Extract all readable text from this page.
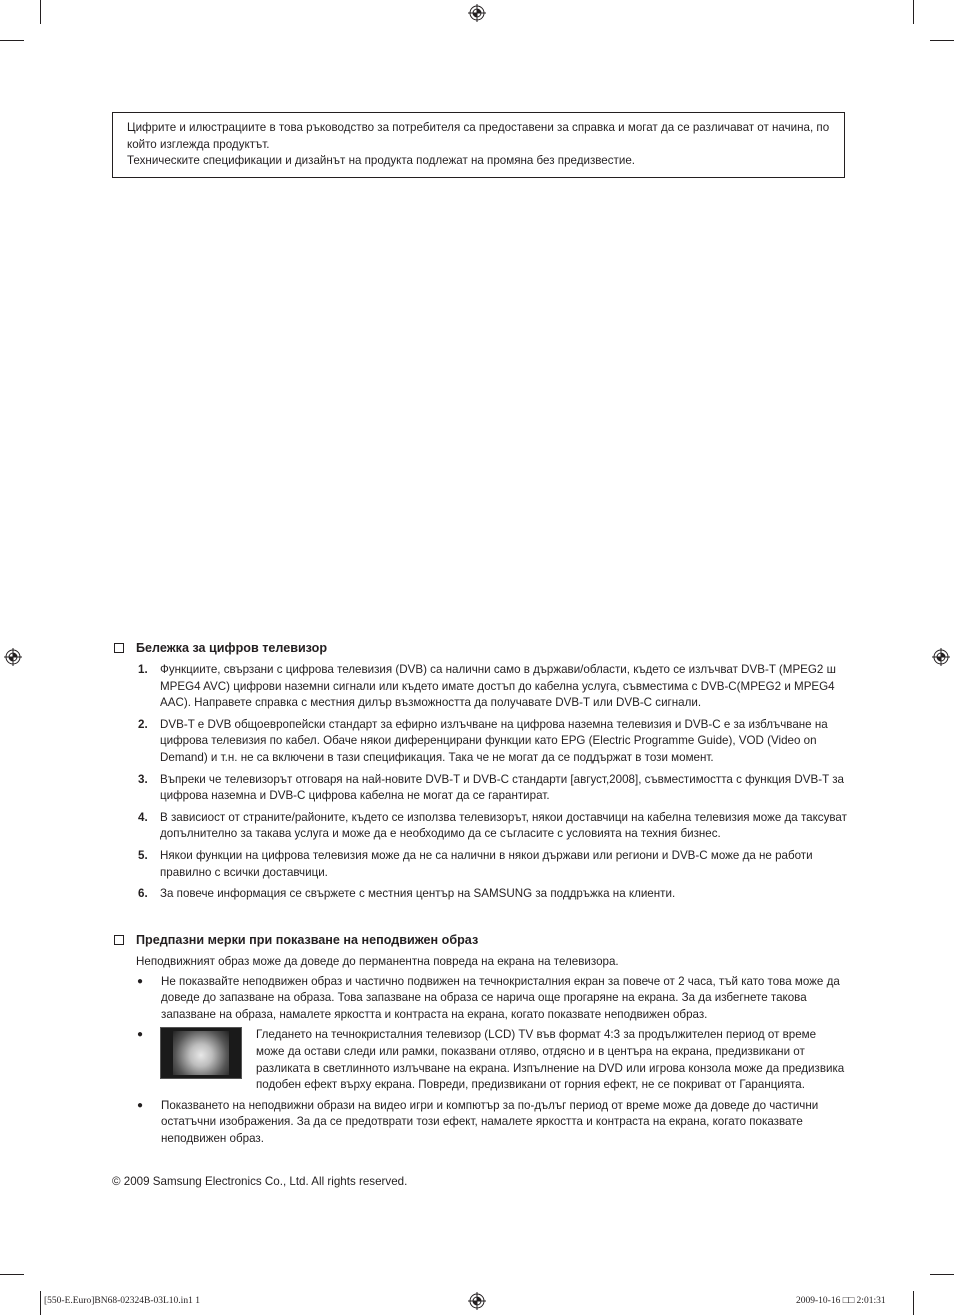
Цифрите и илюстрациите в това ръководство за потребителя са предоставени за справка и могат да се различават от начина, по който изглежда продуктът.

Техническите спецификации и дизайнът на продукта подлежат на промяна без предизвестие.

Бележка за цифров телевизор
1.	Функциите, свързани с цифрова телевизия (DVB) са налични само в държави/области, където се излъчват DVB-T (MPEG2 ш MPEG4 AVC) цифрови наземни сигнали или където имате достъп до кабелна услуга, съвместима с DVB-C(MPEG2 и MPEG4 AAC). Направете справка с местния дилър възможността да получавате DVB-T или DVB-C сигнали.
2.	DVB-T е DVB общоевропейски стандарт за ефирно излъчване на цифрова наземна телевизия и DVB-C е за изблъчване на цифрова телевизия по кабел. Обаче някои диференцирани функции като EPG (Electric Programme Guide), VOD (Video on Demand) и т.н. не са включени в тази спецификация. Така че не могат да се поддържат в този момент.
3.	Въпреки че телевизорът отговаря на най-новите DVB-T и DVB-C стандарти [август,2008], съвместимостта с функция DVB-T за цифрова наземна и DVB-C цифрова кабелна не могат да се гарантират.
4.	В зависиост от страните/районите, където се използва телевизорът, някои доставчици на кабелна телевизия може да таксуват допълнително за такава услуга и може да е необходимо да се съгласите с условията на техния бизнес.
5.	Някои функции на цифрова телевизия може да не са налични в някои държави или региони и DVB-C може да не работи правилно с всички доставчици.
6.	За повече информация се свържете с местния център на SAMSUNG за поддръжка на клиенти.
Предпазни мерки при показване на неподвижен образ
Неподвижният образ може да доведе до перманентна повреда на екрана на телевизора.
●	Не показвайте неподвижен образ и частично подвижен на течнокристалния екран за повече от 2 часа, тъй като това може да доведе до запазване на образа. Това запазване на образа се нарича още прогаряне на екрана. За да избегнете такова запазване на образа, намалете яркостта и контраста на екрана, когато показвате неподвижен образ.
●	Гледането на течнокристалния телевизор (LCD) TV във формат 4:3 за продължителен период от време може да остави следи или рамки, показвани отляво, отдясно и в центъра на екрана, предизвикани от разликата в светлинното излъчване на екрана. Изпълнение на DVD или игрова конзола може да предизвика подобен ефект върху екрана. Повреди, предизвикани от горния ефект, не се покриват от Гаранцията.
●	Показването на неподвижни образи на видео игри и компютър за по-дълъг период от време може да доведе до частични остатъчни изображения. За да се предотврати този ефект, намалете яркостта и контраста на екрана, когато показвате неподвижен образ.
© 2009 Samsung Electronics Co., Ltd. All rights reserved.
[550-E.Euro]BN68-02324B-03L10.in1 1	2009-10-16 □□ 2:01:31
